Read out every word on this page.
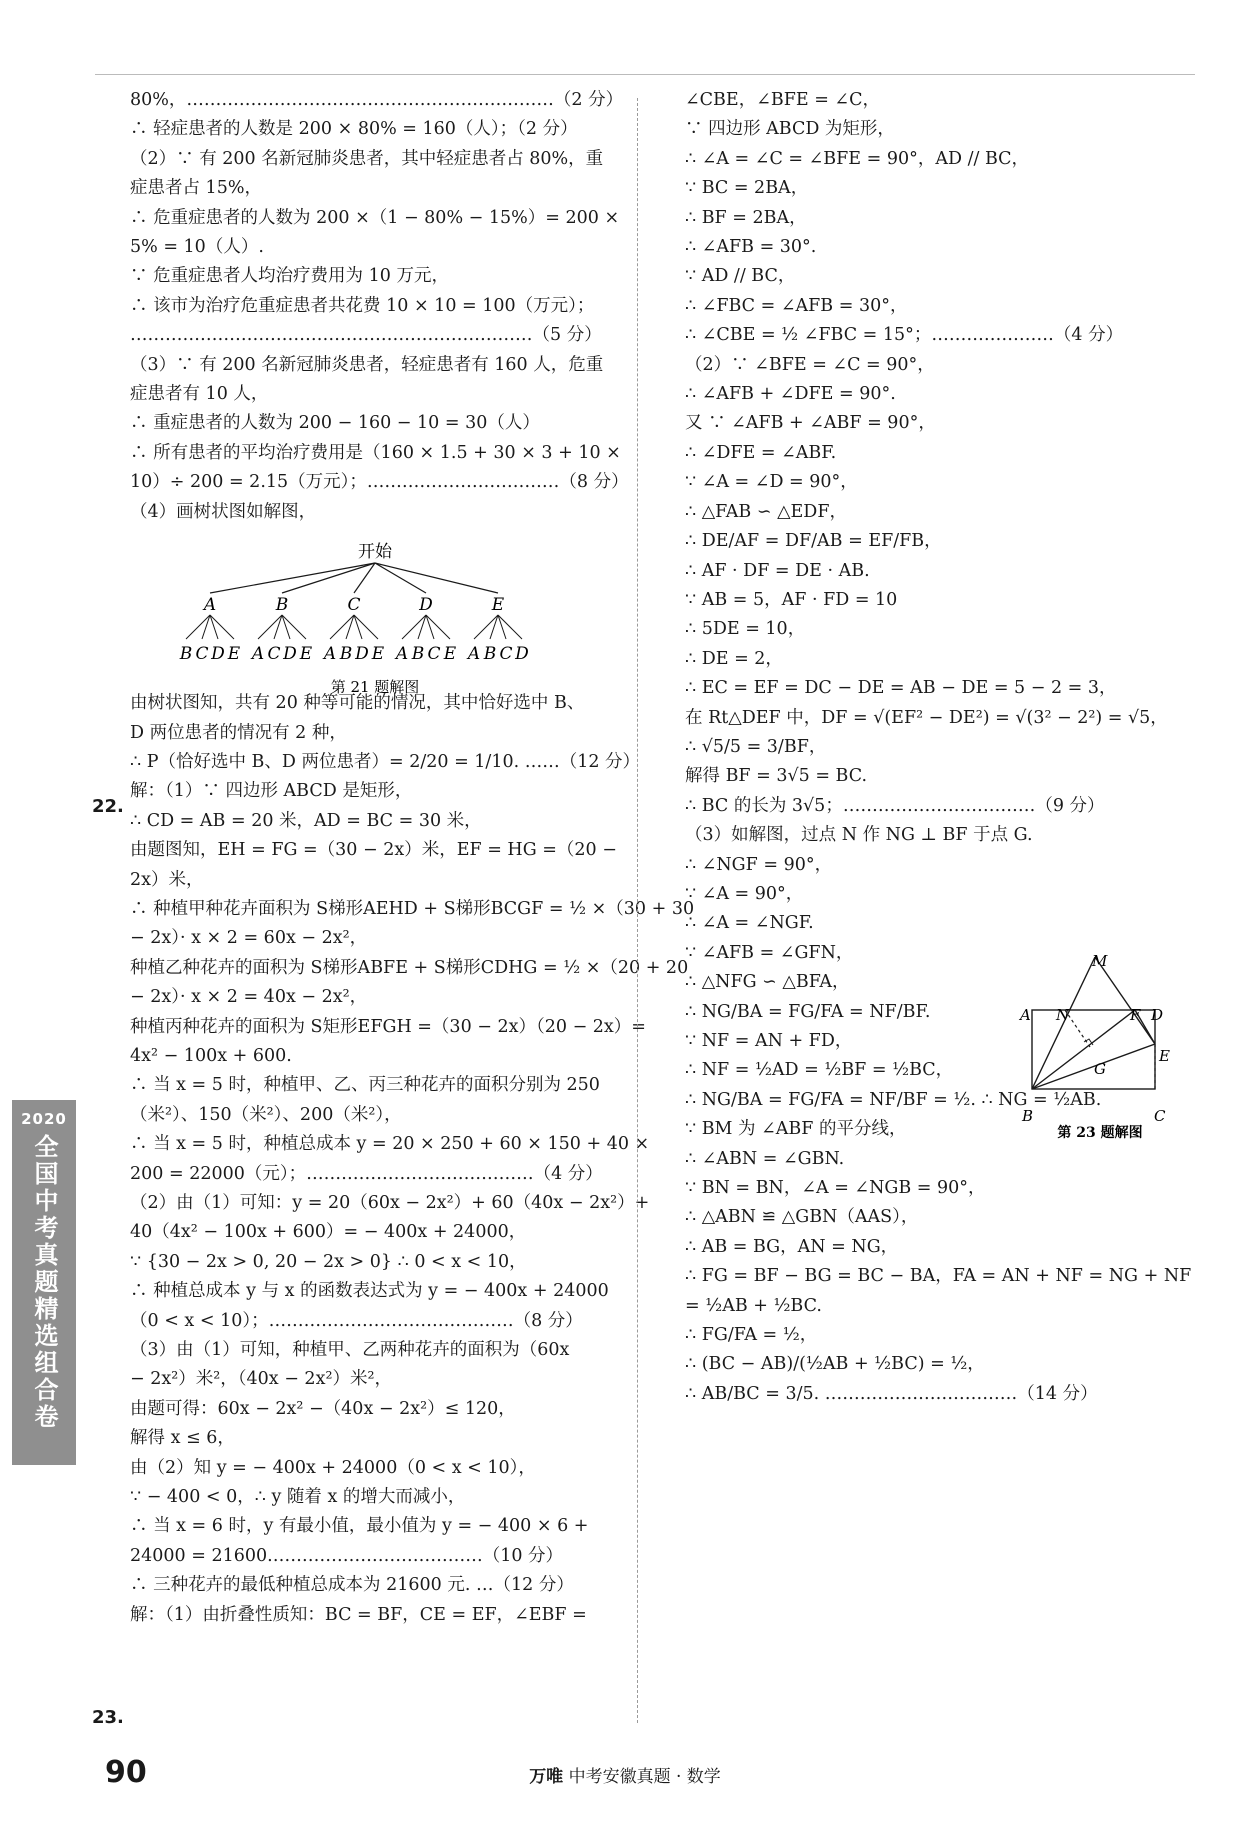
80%，………………………………………………………（2 分）
∴ 轻症患者的人数是 200 × 80% = 160（人）；（2 分）
（2）∵ 有 200 名新冠肺炎患者，其中轻症患者占 80%，重
症患者占 15%，
∴ 危重症患者的人数为 200 ×（1 − 80% − 15%）= 200 ×
5% = 10（人）.
∵ 危重症患者人均治疗费用为 10 万元，
∴ 该市为治疗危重症患者共花费 10 × 10 = 100（万元）；
……………………………………………………………（5 分）
（3）∵ 有 200 名新冠肺炎患者，轻症患者有 160 人，危重
症患者有 10 人，
∴ 重症患者的人数为 200 − 160 − 10 = 30（人）
∴ 所有患者的平均治疗费用是（160 × 1.5 + 30 × 3 + 10 ×
10）÷ 200 = 2.15（万元）；……………………………（8 分）
（4）画树状图如解图，
由树状图知，共有 20 种等可能的情况，其中恰好选中 B、
D 两位患者的情况有 2 种，
∴ P（恰好选中 B、D 两位患者）= 2/20 = 1/10. ……（12 分）
解：（1）∵ 四边形 ABCD 是矩形，
∴ CD = AB = 20 米，AD = BC = 30 米，
由题图知，EH = FG =（30 − 2x）米，EF = HG =（20 −
2x）米，
∴ 种植甲种花卉面积为 S梯形AEHD + S梯形BCGF = ½ ×（30 + 30
− 2x）· x × 2 = 60x − 2x²，
种植乙种花卉的面积为 S梯形ABFE + S梯形CDHG = ½ ×（20 + 20
− 2x）· x × 2 = 40x − 2x²，
种植丙种花卉的面积为 S矩形EFGH =（30 − 2x）（20 − 2x）=
4x² − 100x + 600.
∴ 当 x = 5 时，种植甲、乙、丙三种花卉的面积分别为 250
（米²）、150（米²）、200（米²），
∴ 当 x = 5 时，种植总成本 y = 20 × 250 + 60 × 150 + 40 ×
200 = 22000（元）；…………………………………（4 分）
（2）由（1）可知：y = 20（60x − 2x²）+ 60（40x − 2x²）+
40（4x² − 100x + 600）= − 400x + 24000，
∵ {30 − 2x > 0, 20 − 2x > 0} ∴ 0 < x < 10，
∴ 种植总成本 y 与 x 的函数表达式为 y = − 400x + 24000
（0 < x < 10）；……………………………………（8 分）
（3）由（1）可知，种植甲、乙两种花卉的面积为（60x
− 2x²）米²，（40x − 2x²）米²，
由题可得：60x − 2x² −（40x − 2x²）≤ 120，
解得 x ≤ 6，
由（2）知 y = − 400x + 24000（0 < x < 10），
∵ − 400 < 0，∴ y 随着 x 的增大而减小，
∴ 当 x = 6 时，y 有最小值，最小值为 y = − 400 × 6 +
24000 = 21600.………………………………（10 分）
∴ 三种花卉的最低种植总成本为 21600 元. …（12 分）
解：（1）由折叠性质知：BC = BF，CE = EF，∠EBF =
22.
23.
开始
A
B C D E
B
A C D E
C
A B D E
D
A B C E
E
A B C D
第 21 题解图
∠CBE，∠BFE = ∠C，
∵ 四边形 ABCD 为矩形，
∴ ∠A = ∠C = ∠BFE = 90°，AD // BC，
∵ BC = 2BA，
∴ BF = 2BA，
∴ ∠AFB = 30°.
∵ AD // BC，
∴ ∠FBC = ∠AFB = 30°，
∴ ∠CBE = ½ ∠FBC = 15°；…………………（4 分）
（2）∵ ∠BFE = ∠C = 90°，
∴ ∠AFB + ∠DFE = 90°.
又 ∵ ∠AFB + ∠ABF = 90°，
∴ ∠DFE = ∠ABF.
∵ ∠A = ∠D = 90°，
∴ △FAB ∽ △EDF，
∴ DE/AF = DF/AB = EF/FB，
∴ AF · DF = DE · AB.
∵ AB = 5，AF · FD = 10
∴ 5DE = 10，
∴ DE = 2，
∴ EC = EF = DC − DE = AB − DE = 5 − 2 = 3，
在 Rt△DEF 中，DF = √(EF² − DE²) = √(3² − 2²) = √5，
∴ √5/5 = 3/BF，
解得 BF = 3√5 = BC.
∴ BC 的长为 3√5；……………………………（9 分）
（3）如解图，过点 N 作 NG ⊥ BF 于点 G.
∴ ∠NGF = 90°，
∵ ∠A = 90°，
∴ ∠A = ∠NGF.
∵ ∠AFB = ∠GFN，
∴ △NFG ∽ △BFA，
∴ NG/BA = FG/FA = NF/BF.
∵ NF = AN + FD，
∴ NF = ½AD = ½BF = ½BC，
∴ NG/BA = FG/FA = NF/BF = ½. ∴ NG = ½AB.
∵ BM 为 ∠ABF 的平分线，
∴ ∠ABN = ∠GBN.
∵ BN = BN，∠A = ∠NGB = 90°，
∴ △ABN ≌ △GBN（AAS），
∴ AB = BG，AN = NG，
∴ FG = BF − BG = BC − BA，FA = AN + NF = NG + NF
= ½AB + ½BC.
∴ FG/FA = ½，
∴ (BC − AB)/(½AB + ½BC) = ½，
∴ AB/BC = 3/5. ……………………………（14 分）
M
A N	F D
G
E
B	C
第 23 题解图
2020
全国中考真题精选组合卷
90	万唯 中考安徽真题 · 数学
